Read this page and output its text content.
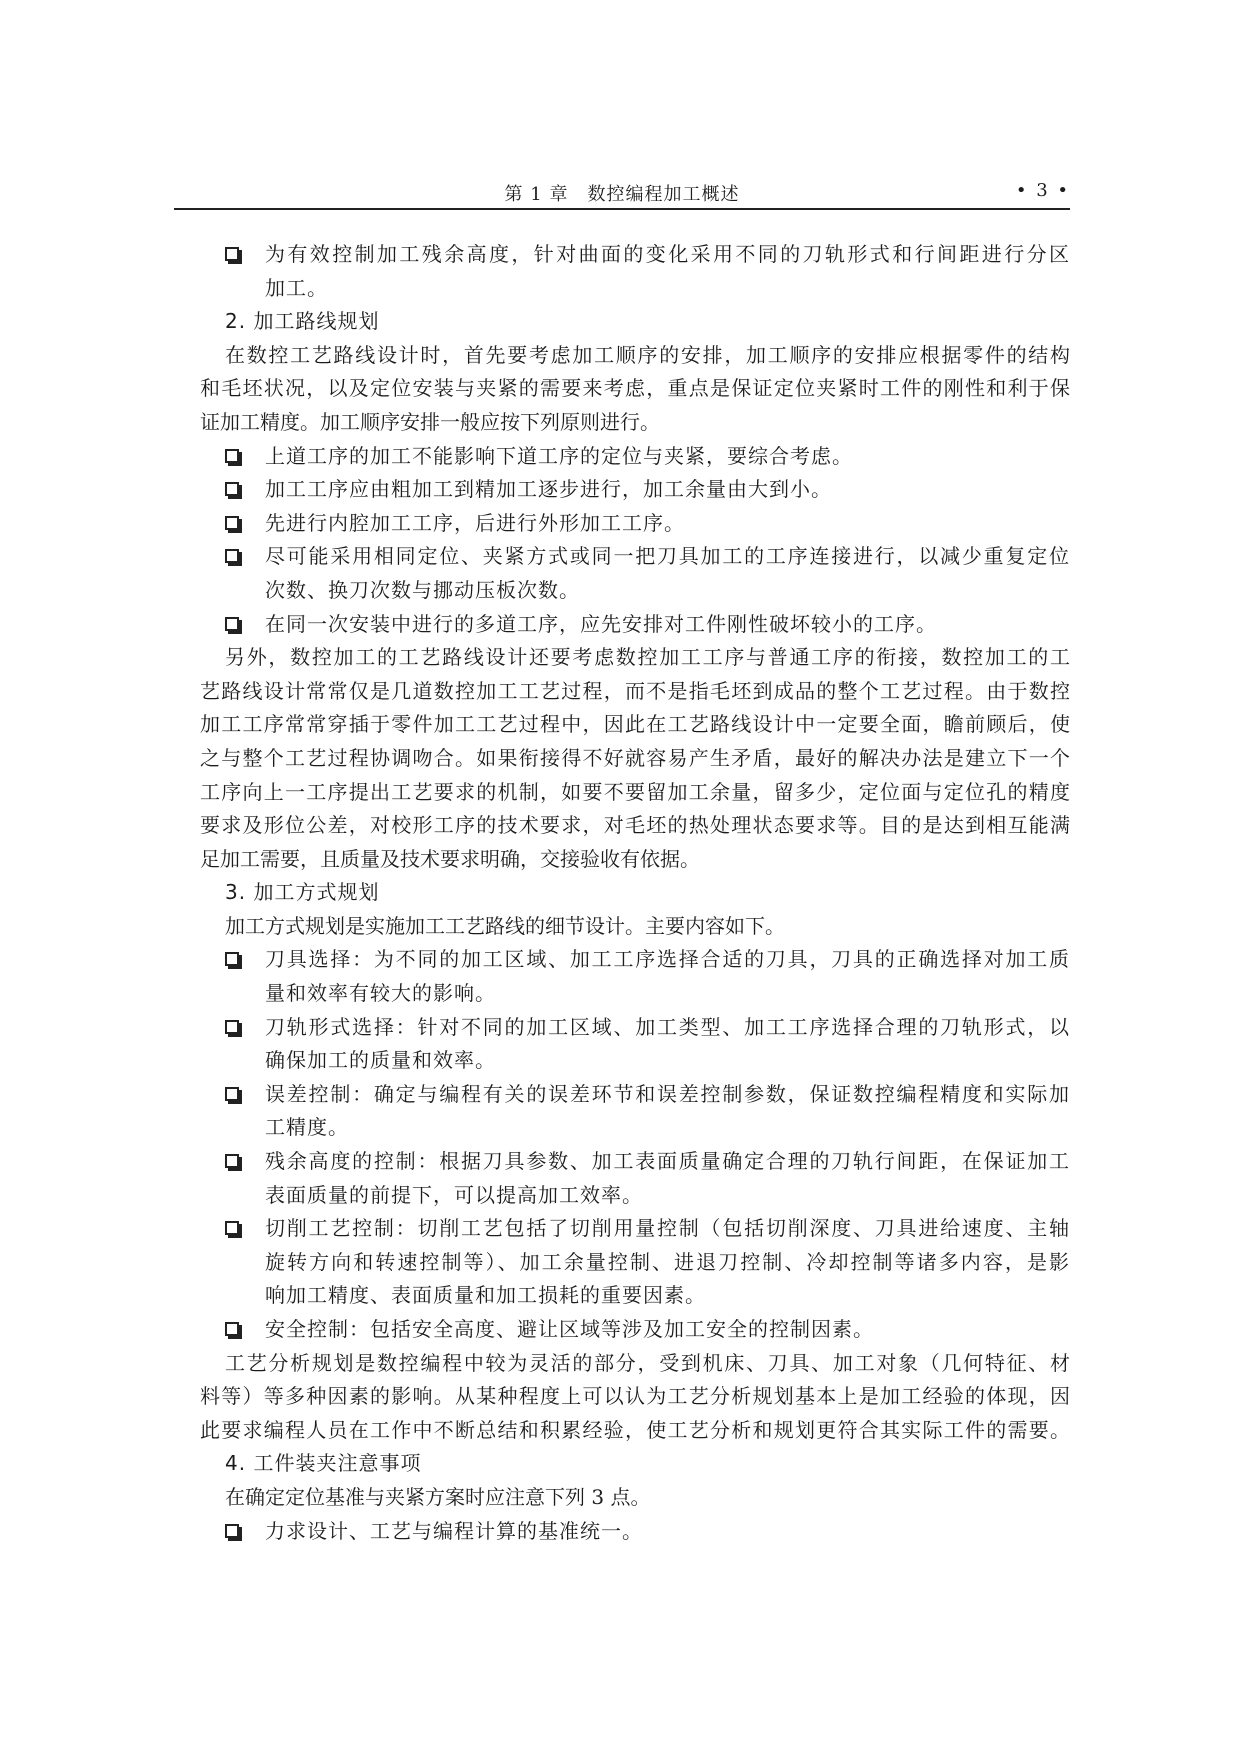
第 1 章　数控编程加工概述	• 3 •
为有效控制加工残余高度，针对曲面的变化采用不同的刀轨形式和行间距进行分区
加工。
2. 加工路线规划
在数控工艺路线设计时，首先要考虑加工顺序的安排，加工顺序的安排应根据零件的结构
和毛坯状况，以及定位安装与夹紧的需要来考虑，重点是保证定位夹紧时工件的刚性和利于保
证加工精度。加工顺序安排一般应按下列原则进行。
上道工序的加工不能影响下道工序的定位与夹紧，要综合考虑。
加工工序应由粗加工到精加工逐步进行，加工余量由大到小。
先进行内腔加工工序，后进行外形加工工序。
尽可能采用相同定位、夹紧方式或同一把刀具加工的工序连接进行，以减少重复定位
次数、换刀次数与挪动压板次数。
在同一次安装中进行的多道工序，应先安排对工件刚性破坏较小的工序。
另外，数控加工的工艺路线设计还要考虑数控加工工序与普通工序的衔接，数控加工的工
艺路线设计常常仅是几道数控加工工艺过程，而不是指毛坯到成品的整个工艺过程。由于数控
加工工序常常穿插于零件加工工艺过程中，因此在工艺路线设计中一定要全面，瞻前顾后，使
之与整个工艺过程协调吻合。如果衔接得不好就容易产生矛盾，最好的解决办法是建立下一个
工序向上一工序提出工艺要求的机制，如要不要留加工余量，留多少，定位面与定位孔的精度
要求及形位公差，对校形工序的技术要求，对毛坯的热处理状态要求等。目的是达到相互能满
足加工需要，且质量及技术要求明确，交接验收有依据。
3. 加工方式规划
加工方式规划是实施加工工艺路线的细节设计。主要内容如下。
刀具选择：为不同的加工区域、加工工序选择合适的刀具，刀具的正确选择对加工质
量和效率有较大的影响。
刀轨形式选择：针对不同的加工区域、加工类型、加工工序选择合理的刀轨形式，以
确保加工的质量和效率。
误差控制：确定与编程有关的误差环节和误差控制参数，保证数控编程精度和实际加
工精度。
残余高度的控制：根据刀具参数、加工表面质量确定合理的刀轨行间距，在保证加工
表面质量的前提下，可以提高加工效率。
切削工艺控制：切削工艺包括了切削用量控制（包括切削深度、刀具进给速度、主轴
旋转方向和转速控制等）、加工余量控制、进退刀控制、冷却控制等诸多内容，是影
响加工精度、表面质量和加工损耗的重要因素。
安全控制：包括安全高度、避让区域等涉及加工安全的控制因素。
工艺分析规划是数控编程中较为灵活的部分，受到机床、刀具、加工对象（几何特征、材
料等）等多种因素的影响。从某种程度上可以认为工艺分析规划基本上是加工经验的体现，因
此要求编程人员在工作中不断总结和积累经验，使工艺分析和规划更符合其实际工件的需要。
4. 工件装夹注意事项
在确定定位基准与夹紧方案时应注意下列 3 点。
力求设计、工艺与编程计算的基准统一。
